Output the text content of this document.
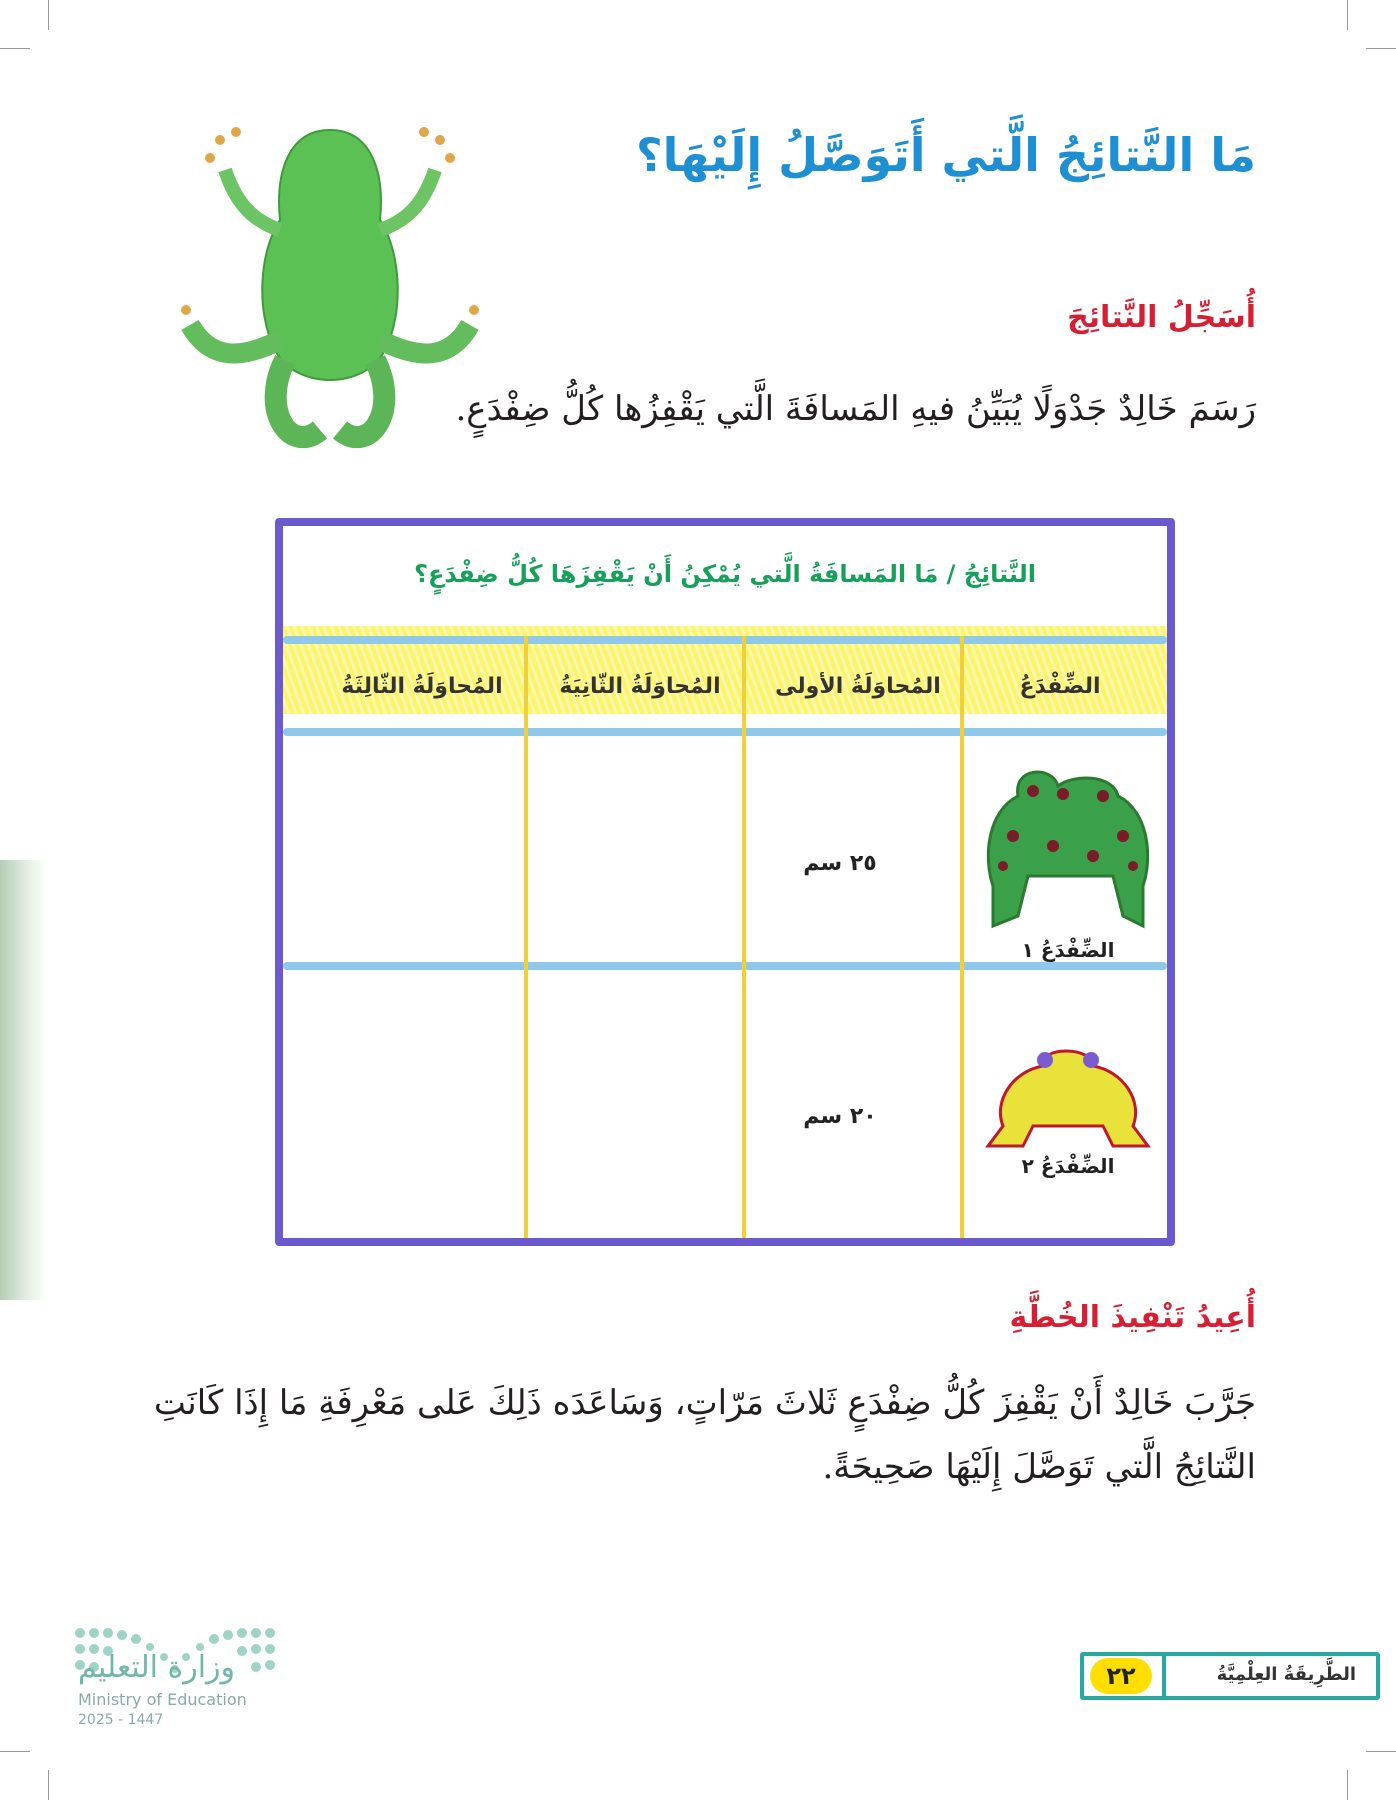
مَا النَّتائِجُ الَّتي أَتَوَصَّلُ إِلَيْهَا؟
أُسَجِّلُ النَّتائِجَ

رَسَمَ خَالِدٌ جَدْوَلًا يُبَيِّنُ فيهِ المَسافَةَ الَّتي يَقْفِزُها كُلُّ ضِفْدَعٍ.

النَّتائِجُ / مَا المَسافَةُ الَّتي يُمْكِنُ أَنْ يَقْفِزَهَا كُلُّ ضِفْدَعٍ؟
الضِّفْدَعُ
المُحاوَلَةُ الأولى
المُحاوَلَةُ الثّانِيَةُ
المُحاوَلَةُ الثّالِثَةُ
الضِّفْدَعُ ١
٢٥ سم
الضِّفْدَعُ ٢
٢٠ سم
أُعِيدُ تَنْفِيذَ الخُطَّةِ

جَرَّبَ خَالِدٌ أَنْ يَقْفِزَ كُلُّ ضِفْدَعٍ ثَلاثَ مَرّاتٍ، وَسَاعَدَه ذَلِكَ عَلى مَعْرِفَةِ مَا إِذَا كَانَتِ

النَّتائِجُ الَّتي تَوَصَّلَ إِلَيْهَا صَحِيحَةً.

وزارة التعليم
Ministry of Education
2025 - 1447
الطَّرِيقَةُ العِلْمِيَّةُ
٢٢
